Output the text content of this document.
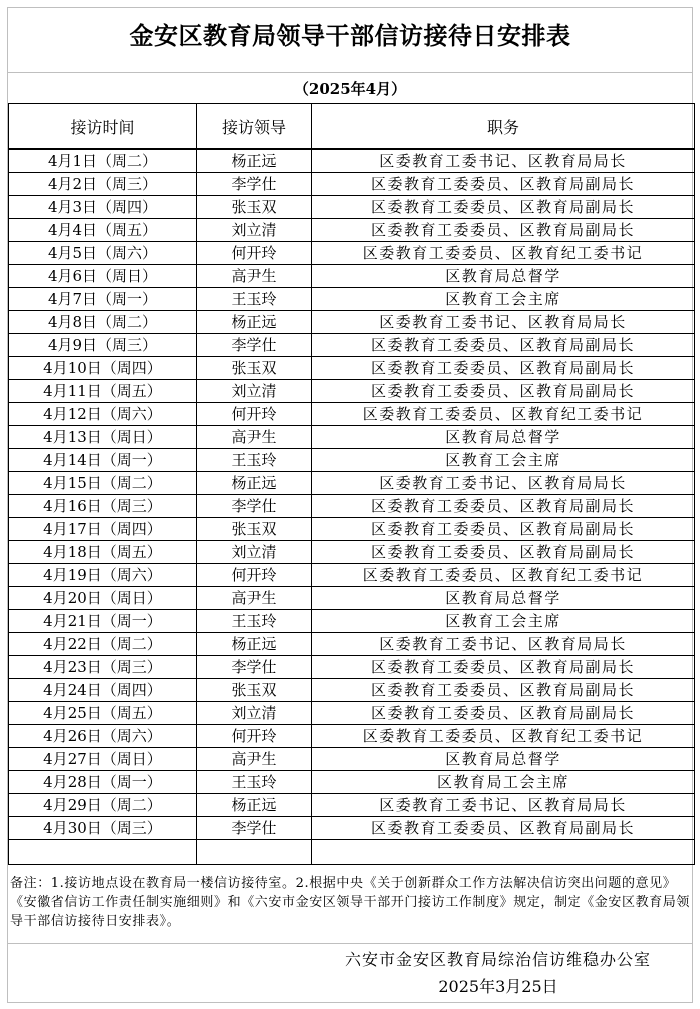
金安区教育局领导干部信访接待日安排表
（2025年4月）
接访时间	接访领导	职务
4月1日（周二）	杨正远	区委教育工委书记、区教育局局长
4月2日（周三）	李学仕	区委教育工委委员、区教育局副局长
4月3日（周四）	张玉双	区委教育工委委员、区教育局副局长
4月4日（周五）	刘立清	区委教育工委委员、区教育局副局长
4月5日（周六）	何开玲	区委教育工委委员、区教育纪工委书记
4月6日（周日）	高尹生	区教育局总督学
4月7日（周一）	王玉玲	区教育工会主席
4月8日（周二）	杨正远	区委教育工委书记、区教育局局长
4月9日（周三）	李学仕	区委教育工委委员、区教育局副局长
4月10日（周四）	张玉双	区委教育工委委员、区教育局副局长
4月11日（周五）	刘立清	区委教育工委委员、区教育局副局长
4月12日（周六）	何开玲	区委教育工委委员、区教育纪工委书记
4月13日（周日）	高尹生	区教育局总督学
4月14日（周一）	王玉玲	区教育工会主席
4月15日（周二）	杨正远	区委教育工委书记、区教育局局长
4月16日（周三）	李学仕	区委教育工委委员、区教育局副局长
4月17日（周四）	张玉双	区委教育工委委员、区教育局副局长
4月18日（周五）	刘立清	区委教育工委委员、区教育局副局长
4月19日（周六）	何开玲	区委教育工委委员、区教育纪工委书记
4月20日（周日）	高尹生	区教育局总督学
4月21日（周一）	王玉玲	区教育工会主席
4月22日（周二）	杨正远	区委教育工委书记、区教育局局长
4月23日（周三）	李学仕	区委教育工委委员、区教育局副局长
4月24日（周四）	张玉双	区委教育工委委员、区教育局副局长
4月25日（周五）	刘立清	区委教育工委委员、区教育局副局长
4月26日（周六）	何开玲	区委教育工委委员、区教育纪工委书记
4月27日（周日）	高尹生	区教育局总督学
4月28日（周一）	王玉玲	区教育局工会主席
4月29日（周二）	杨正远	区委教育工委书记、区教育局局长
4月30日（周三）	李学仕	区委教育工委委员、区教育局副局长

备注：1.接访地点设在教育局一楼信访接待室。2.根据中央《关于创新群众工作方法解决信访突出问题的意见》《安徽省信访工作责任制实施细则》和《六安市金安区领导干部开门接访工作制度》规定，制定《金安区教育局领导干部信访接待日安排表》。
六安市金安区教育局综治信访维稳办公室
2025年3月25日
